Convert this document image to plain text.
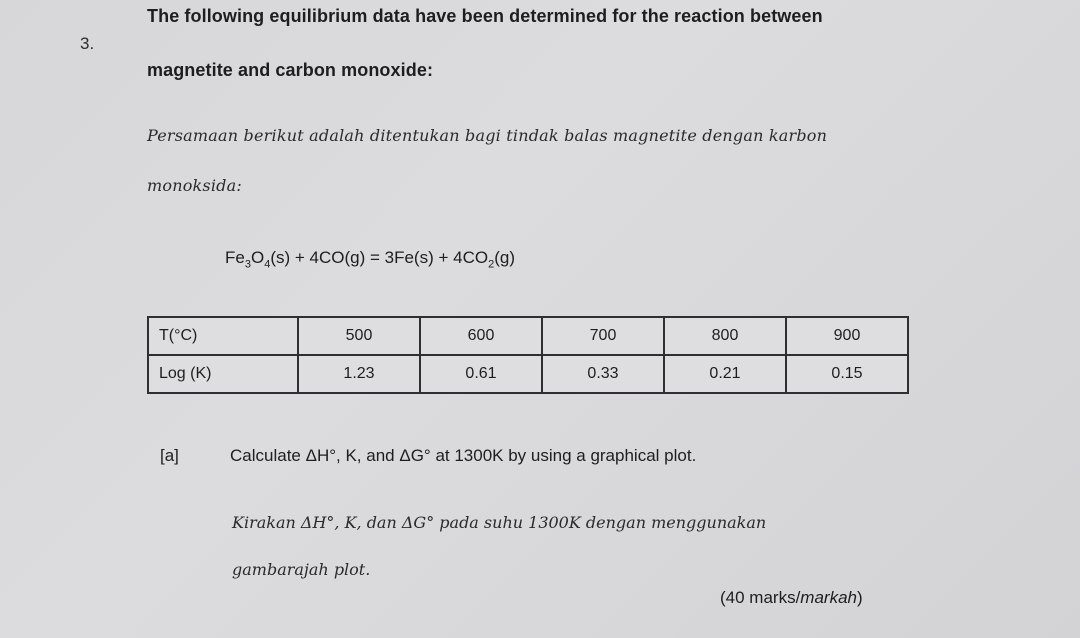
3.
The following equilibrium data have been determined for the reaction between
magnetite and carbon monoxide:
Persamaan berikut adalah ditentukan bagi tindak balas magnetite dengan karbon
monoksida:
$Fe_3O_4(s) + 4CO(g) = 3Fe(s) + 4CO_2(g)$
T(°C)	500	600	700	800	900
Log (K)	1.23	0.61	0.33	0.21	0.15
[a]	Calculate ΔH°, K, and ΔG° at 1300K by using a graphical plot.
Kirakan ΔH°, K, dan ΔG° pada suhu 1300K dengan menggunakan
gambarajah plot.
(40 marks/markah)
